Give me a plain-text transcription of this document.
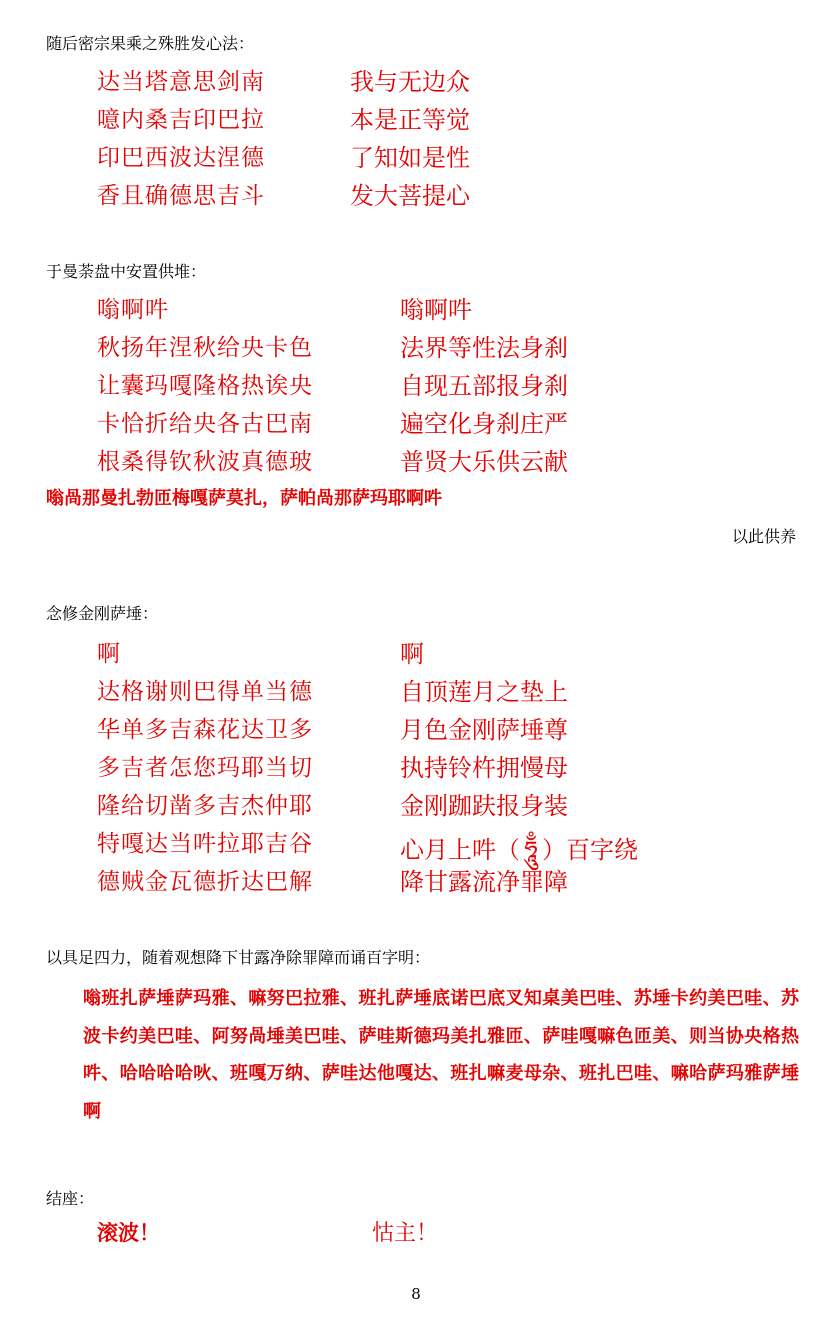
随后密宗果乘之殊胜发心法：
达当塔意思剑南	我与无边众
噫内桑吉印巴拉	本是正等觉
印巴西波达涅德	了知如是性
香且确德思吉斗	发大菩提心
于曼荼盘中安置供堆：
嗡啊吽	嗡啊吽
秋扬年涅秋给央卡色	法界等性法身刹
让囊玛嘎隆格热诶央	自现五部报身刹
卡恰折给央各古巴南	遍空化身刹庄严
根桑得钦秋波真德玻	普贤大乐供云献
嗡咼那曼扎勃匝梅嘎萨莫扎，萨帕咼那萨玛耶啊吽
以此供养
念修金刚萨埵：
啊	啊
达格谢则巴得单当德	自顶莲月之垫上
华单多吉森花达卫多	月色金刚萨埵尊
多吉者怎您玛耶当切	执持铃杵拥慢母
隆给切凿多吉杰仲耶	金刚跏趺报身装
特嘎达当吽拉耶吉谷	心月上吽（ ཧཱུྃ ）百字绕
德贼金瓦德折达巴解	降甘露流净罪障
以具足四力，随着观想降下甘露净除罪障而诵百字明：
嗡班扎萨埵萨玛雅、嘛努巴拉雅、班扎萨埵底诺巴底叉知桌美巴哇、苏埵卡约美巴哇、苏波卡约美巴哇、阿努咼埵美巴哇、萨哇斯德玛美扎雅匝、萨哇嘎嘛色匝美、则当协央格热吽、哈哈哈哈吙、班嘎万纳、萨哇达他嘎达、班扎嘛麦母杂、班扎巴哇、嘛哈萨玛雅萨埵啊
结座：
滚波！	怙主！
8
